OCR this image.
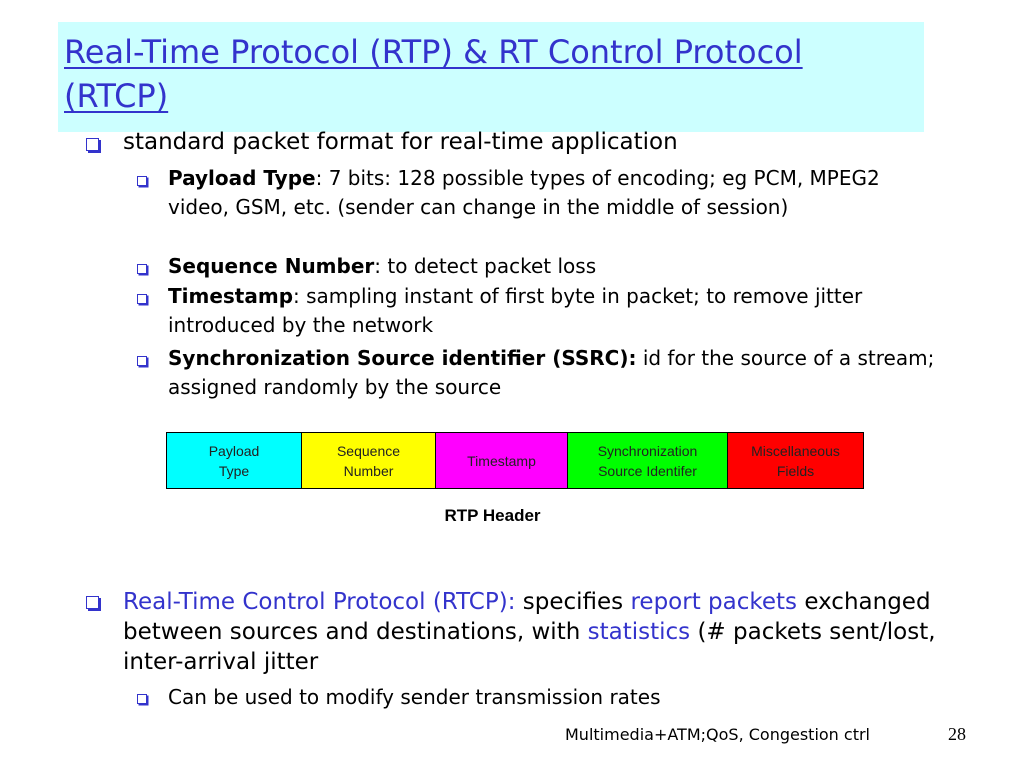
Real-Time Protocol (RTP) & RT Control Protocol (RTCP)
standard packet format for real-time application
Payload Type: 7 bits: 128 possible types of encoding; eg PCM, MPEG2 video, GSM, etc. (sender can change in the middle of session)
Sequence Number: to detect packet loss
Timestamp: sampling instant of first byte in packet; to remove jitter introduced by the network
Synchronization Source identifier (SSRC): id for the source of a stream; assigned randomly by the source
Payload
Type
Sequence
Number
Timestamp
Synchronization
Source Identifer
Miscellaneous
Fields
RTP Header
Real-Time Control Protocol (RTCP): specifies report packets exchanged between sources and destinations, with statistics (# packets sent/lost, inter-arrival jitter
Can be used to modify sender transmission rates
Multimedia+ATM;QoS, Congestion ctrl	28
